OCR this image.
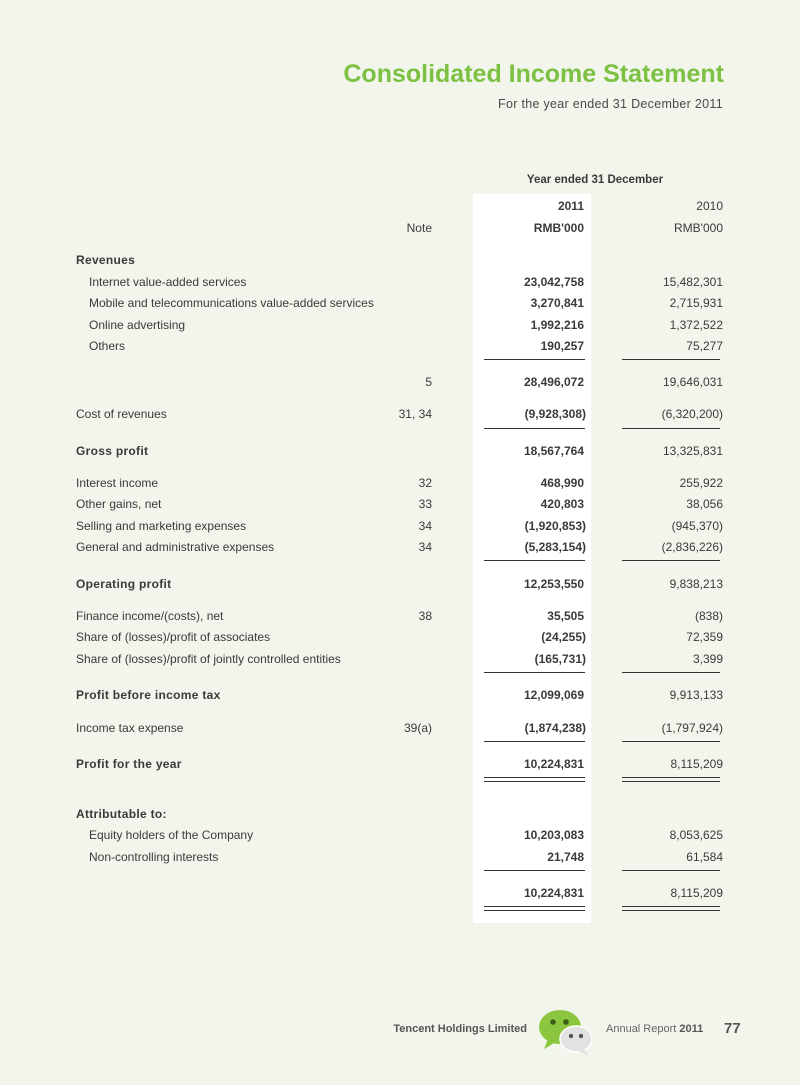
Consolidated Income Statement
For the year ended 31 December 2011
Year ended 31 December
2011	2010
Note	RMB'000	RMB'000
Revenues
Internet value-added services	23,042,758	15,482,301
Mobile and telecommunications value-added services	3,270,841	2,715,931
Online advertising	1,992,216	1,372,522
Others	190,257	75,277
5	28,496,072	19,646,031
Cost of revenues	31, 34	(9,928,308)	(6,320,200)
Gross profit	18,567,764	13,325,831
Interest income	32	468,990	255,922
Other gains, net	33	420,803	38,056
Selling and marketing expenses	34	(1,920,853)	(945,370)
General and administrative expenses	34	(5,283,154)	(2,836,226)
Operating profit	12,253,550	9,838,213
Finance income/(costs), net	38	35,505	(838)
Share of (losses)/profit of associates	(24,255)	72,359
Share of (losses)/profit of jointly controlled entities	(165,731)	3,399
Profit before income tax	12,099,069	9,913,133
Income tax expense	39(a)	(1,874,238)	(1,797,924)
Profit for the year	10,224,831	8,115,209
Attributable to:
Equity holders of the Company	10,203,083	8,053,625
Non-controlling interests	21,748	61,584
10,224,831	8,115,209
Tencent Holdings Limited	Annual Report 2011 77
